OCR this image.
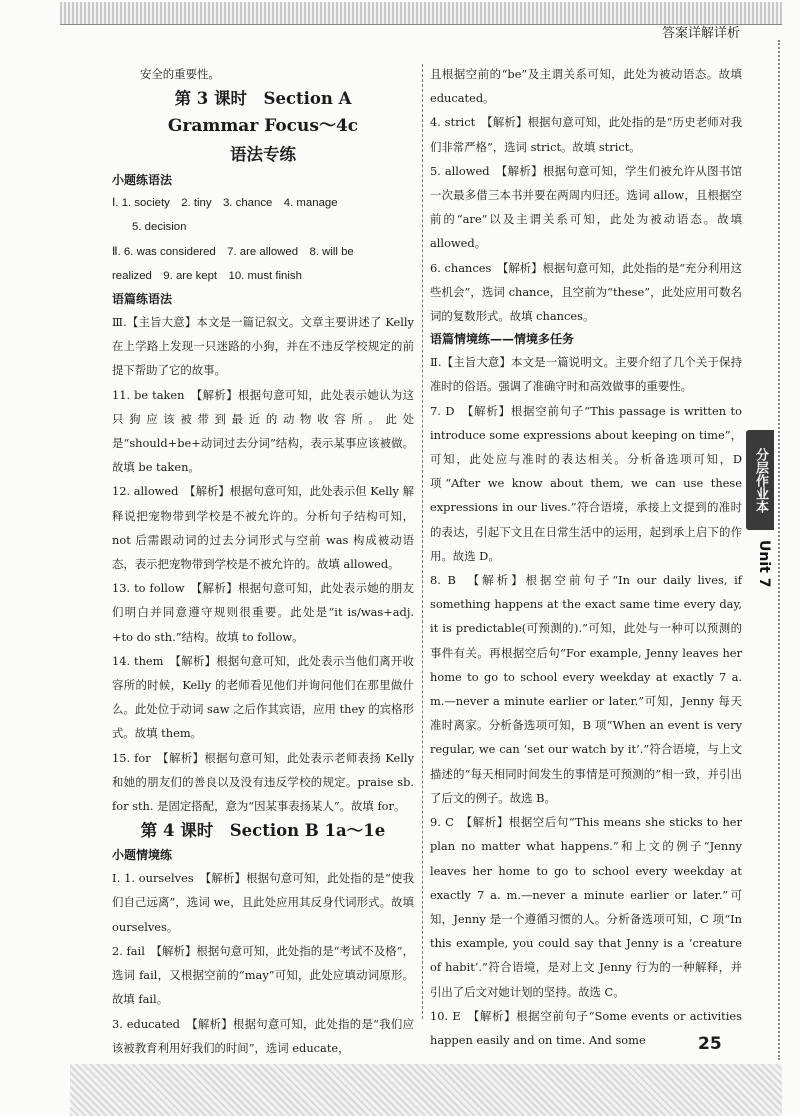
答案详解详析
分层作业本
Unit 7

安全的重要性。

第 3 课时　Section A
Grammar Focus～4c
语法专练
小题练语法

Ⅰ. 1. society　2. tiny　3. chance　4. manage

5. decision

Ⅱ. 6. was considered　7. are allowed　8. will be

realized　9. are kept　10. must finish

语篇练语法

Ⅲ.【主旨大意】本文是一篇记叙文。文章主要讲述了 Kelly 在上学路上发现一只迷路的小狗，并在不违反学校规定的前提下帮助了它的故事。

11. be taken　【解析】根据句意可知，此处表示她认为这只狗应该被带到最近的动物收容所。此处是“should+be+动词过去分词”结构，表示某事应该被做。故填 be taken。

12. allowed　【解析】根据句意可知，此处表示但 Kelly 解释说把宠物带到学校是不被允许的。分析句子结构可知，not 后需跟动词的过去分词形式与空前 was 构成被动语态，表示把宠物带到学校是不被允许的。故填 allowed。

13. to follow　【解析】根据句意可知，此处表示她的朋友们明白并同意遵守规则很重要。此处是“it is/was+adj. +to do sth.”结构。故填 to follow。

14. them　【解析】根据句意可知，此处表示当他们离开收容所的时候，Kelly 的老师看见他们并询问他们在那里做什么。此处位于动词 saw 之后作其宾语，应用 they 的宾格形式。故填 them。

15. for　【解析】根据句意可知，此处表示老师表扬 Kelly 和她的朋友们的善良以及没有违反学校的规定。praise sb. for sth. 是固定搭配，意为“因某事表扬某人”。故填 for。

第 4 课时　Section B 1a～1e
小题情境练

Ⅰ. 1. ourselves　【解析】根据句意可知，此处指的是“使我们自己远离”，选词 we，且此处应用其反身代词形式。故填 ourselves。

2. fail　【解析】根据句意可知，此处指的是“考试不及格”，选词 fail，又根据空前的“may”可知，此处应填动词原形。故填 fail。

3. educated　【解析】根据句意可知，此处指的是“我们应该被教育利用好我们的时间”，选词 educate，

且根据空前的“be”及主谓关系可知，此处为被动语态。故填 educated。

4. strict　【解析】根据句意可知，此处指的是“历史老师对我们非常严格”，选词 strict。故填 strict。

5. allowed　【解析】根据句意可知，学生们被允许从图书馆一次最多借三本书并要在两周内归还。选词 allow，且根据空前的“are”以及主谓关系可知，此处为被动语态。故填 allowed。

6. chances　【解析】根据句意可知，此处指的是“充分利用这些机会”，选词 chance，且空前为“these”，此处应用可数名词的复数形式。故填 chances。

语篇情境练——情境多任务

Ⅱ.【主旨大意】本文是一篇说明文。主要介绍了几个关于保持准时的俗语。强调了准确守时和高效做事的重要性。

7. D　【解析】根据空前句子“This passage is written to introduce some expressions about keeping on time”，可知，此处应与准时的表达相关。分析备选项可知，D 项“After we know about them, we can use these expressions in our lives.”符合语境，承接上文提到的准时的表达，引起下文且在日常生活中的运用，起到承上启下的作用。故选 D。

8. B　【解析】根据空前句子“In our daily lives, if something happens at the exact same time every day, it is predictable(可预测的).”可知，此处与一种可以预测的事件有关。再根据空后句“For example, Jenny leaves her home to go to school every weekday at exactly 7 a. m.—never a minute earlier or later.”可知，Jenny 每天准时离家。分析备选项可知，B 项“When an event is very regular, we can ‘set our watch by it’.”符合语境，与上文描述的“每天相同时间发生的事情是可预测的”相一致，并引出了后文的例子。故选 B。

9. C　【解析】根据空后句“This means she sticks to her plan no matter what happens.”和上文的例子“Jenny leaves her home to go to school every weekday at exactly 7 a. m.—never a minute earlier or later.”可知，Jenny 是一个遵循习惯的人。分析备选项可知，C 项“In this example, you could say that Jenny is a ‘creature of habit’.”符合语境，是对上文 Jenny 行为的一种解释，并引出了后文对她计划的坚持。故选 C。

10. E　【解析】根据空前句子“Some events or activities happen easily and on time. And some	25
